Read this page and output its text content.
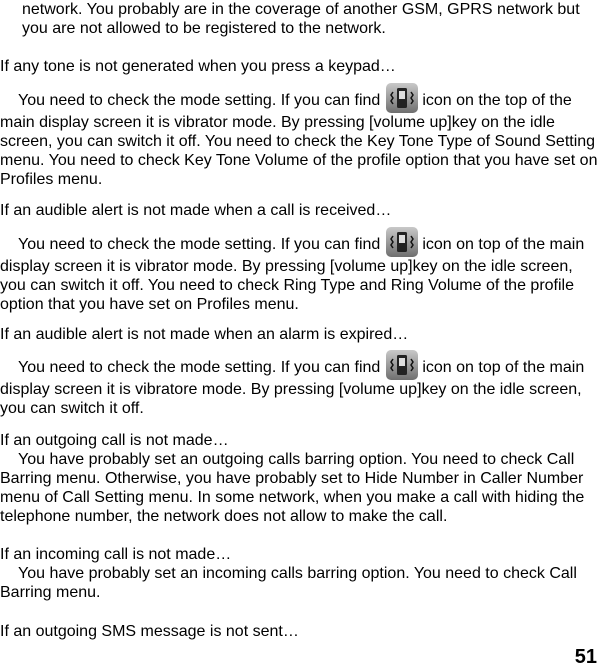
network. You probably are in the coverage of another GSM, GPRS network but you are not allowed to be registered to the network.
If any tone is not generated when you press a keypad…
You need to check the mode setting. If you can find	icon on the top of the main display screen it is vibrator mode. By pressing [volume up]key on the idle screen, you can switch it off. You need to check the Key Tone Type of Sound Setting menu. You need to check Key Tone Volume of the profile option that you have set on Profiles menu.
If an audible alert is not made when a call is received…
You need to check the mode setting. If you can find	icon on top of the main display screen it is vibrator mode. By pressing [volume up]key on the idle screen, you can switch it off. You need to check Ring Type and Ring Volume of the profile option that you have set on Profiles menu.
If an audible alert is not made when an alarm is expired…
You need to check the mode setting. If you can find	icon on top of the main display screen it is vibratore mode. By pressing [volume up]key on the idle screen, you can switch it off.
If an outgoing call is not made…
You have probably set an outgoing calls barring option. You need to check Call Barring menu. Otherwise, you have probably set to Hide Number in Caller Number menu of Call Setting menu. In some network, when you make a call with hiding the telephone number, the network does not allow to make the call.
If an incoming call is not made…
You have probably set an incoming calls barring option. You need to check Call Barring menu.
If an outgoing SMS message is not sent…
51
